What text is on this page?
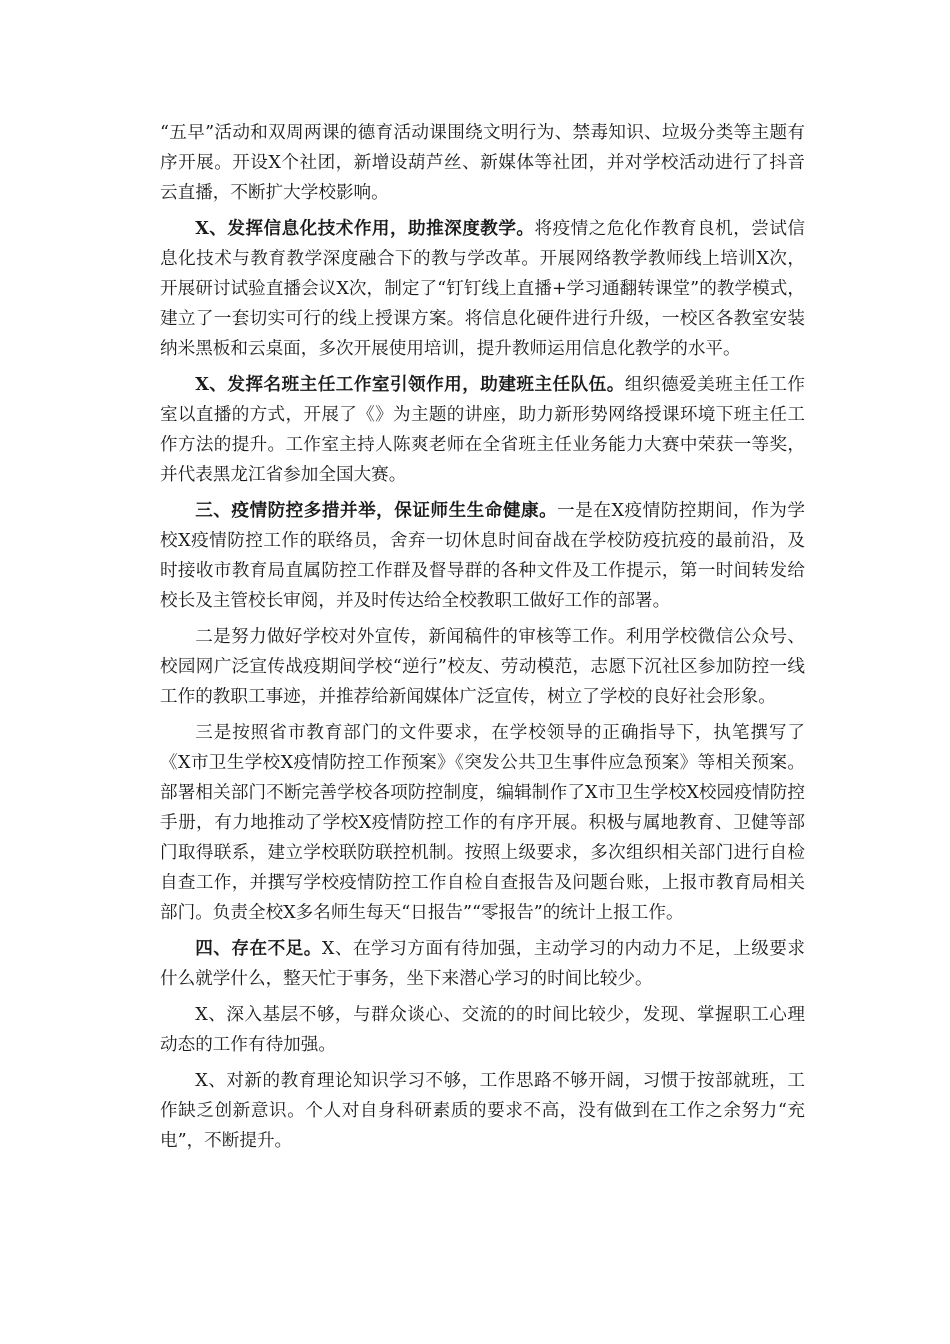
“五早”活动和双周两课的德育活动课围绕文明行为、禁毒知识、垃圾分类等主题有序开展。开设X个社团，新增设葫芦丝、新媒体等社团，并对学校活动进行了抖音云直播，不断扩大学校影响。

X、发挥信息化技术作用，助推深度教学。将疫情之危化作教育良机，尝试信息化技术与教育教学深度融合下的教与学改革。开展网络教学教师线上培训X次，开展研讨试验直播会议X次，制定了“钉钉线上直播+学习通翻转课堂”的教学模式，建立了一套切实可行的线上授课方案。将信息化硬件进行升级，一校区各教室安装纳米黑板和云桌面，多次开展使用培训，提升教师运用信息化教学的水平。

X、发挥名班主任工作室引领作用，助建班主任队伍。组织德爱美班主任工作室以直播的方式，开展了《》为主题的讲座，助力新形势网络授课环境下班主任工作方法的提升。工作室主持人陈爽老师在全省班主任业务能力大赛中荣获一等奖，并代表黑龙江省参加全国大赛。

三、疫情防控多措并举，保证师生生命健康。一是在X疫情防控期间，作为学校X疫情防控工作的联络员，舍弃一切休息时间奋战在学校防疫抗疫的最前沿，及时接收市教育局直属防控工作群及督导群的各种文件及工作提示，第一时间转发给校长及主管校长审阅，并及时传达给全校教职工做好工作的部署。

二是努力做好学校对外宣传，新闻稿件的审核等工作。利用学校微信公众号、校园网广泛宣传战疫期间学校“逆行”校友、劳动模范，志愿下沉社区参加防控一线工作的教职工事迹，并推荐给新闻媒体广泛宣传，树立了学校的良好社会形象。

三是按照省市教育部门的文件要求，在学校领导的正确指导下，执笔撰写了《X市卫生学校X疫情防控工作预案》《突发公共卫生事件应急预案》等相关预案。部署相关部门不断完善学校各项防控制度，编辑制作了X市卫生学校X校园疫情防控手册，有力地推动了学校X疫情防控工作的有序开展。积极与属地教育、卫健等部门取得联系，建立学校联防联控机制。按照上级要求，多次组织相关部门进行自检自查工作，并撰写学校疫情防控工作自检自查报告及问题台账，上报市教育局相关部门。负责全校X多名师生每天“日报告”“零报告”的统计上报工作。

四、存在不足。X、在学习方面有待加强，主动学习的内动力不足，上级要求什么就学什么，整天忙于事务，坐下来潜心学习的时间比较少。

X、深入基层不够，与群众谈心、交流的的时间比较少，发现、掌握职工心理动态的工作有待加强。

X、对新的教育理论知识学习不够，工作思路不够开阔，习惯于按部就班，工作缺乏创新意识。个人对自身科研素质的要求不高，没有做到在工作之余努力“充电”，不断提升。
